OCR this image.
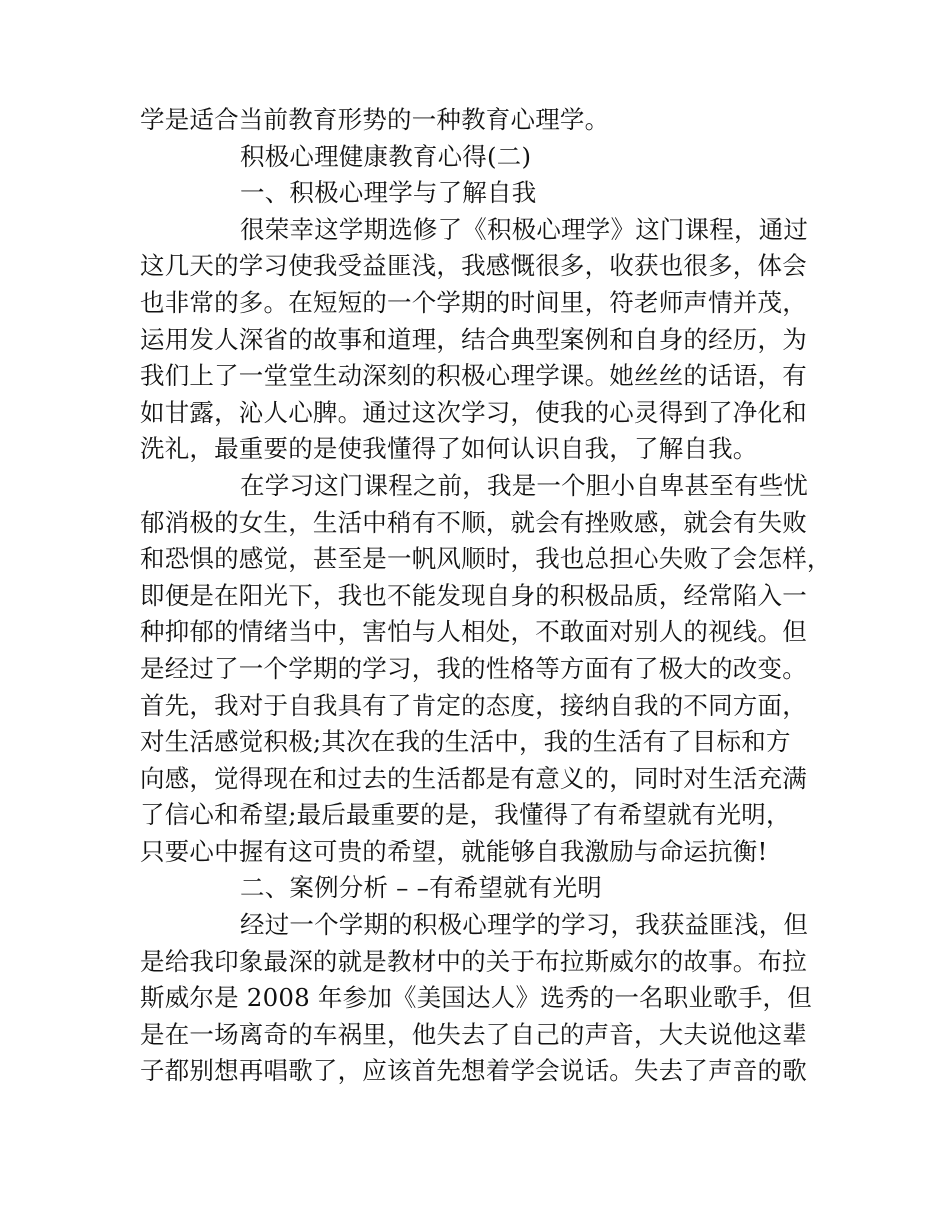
学是适合当前教育形势的一种教育心理学。
积极心理健康教育心得(二)
一、积极心理学与了解自我
很荣幸这学期选修了《积极心理学》这门课程，通过
这几天的学习使我受益匪浅，我感慨很多，收获也很多，体会
也非常的多。在短短的一个学期的时间里，符老师声情并茂，
运用发人深省的故事和道理，结合典型案例和自身的经历，为
我们上了一堂堂生动深刻的积极心理学课。她丝丝的话语，有
如甘露，沁人心脾。通过这次学习，使我的心灵得到了净化和
洗礼，最重要的是使我懂得了如何认识自我，了解自我。
在学习这门课程之前，我是一个胆小自卑甚至有些忧
郁消极的女生，生活中稍有不顺，就会有挫败感，就会有失败
和恐惧的感觉，甚至是一帆风顺时，我也总担心失败了会怎样，
即便是在阳光下，我也不能发现自身的积极品质，经常陷入一
种抑郁的情绪当中，害怕与人相处，不敢面对别人的视线。但
是经过了一个学期的学习，我的性格等方面有了极大的改变。
首先，我对于自我具有了肯定的态度，接纳自我的不同方面，
对生活感觉积极;其次在我的生活中，我的生活有了目标和方
向感，觉得现在和过去的生活都是有意义的，同时对生活充满
了信心和希望;最后最重要的是，我懂得了有希望就有光明，
只要心中握有这可贵的希望，就能够自我激励与命运抗衡!
二、案例分析 – –有希望就有光明
经过一个学期的积极心理学的学习，我获益匪浅，但
是给我印象最深的就是教材中的关于布拉斯威尔的故事。布拉
斯威尔是 2008 年参加《美国达人》选秀的一名职业歌手，但
是在一场离奇的车祸里，他失去了自己的声音，大夫说他这辈
子都别想再唱歌了，应该首先想着学会说话。失去了声音的歌
